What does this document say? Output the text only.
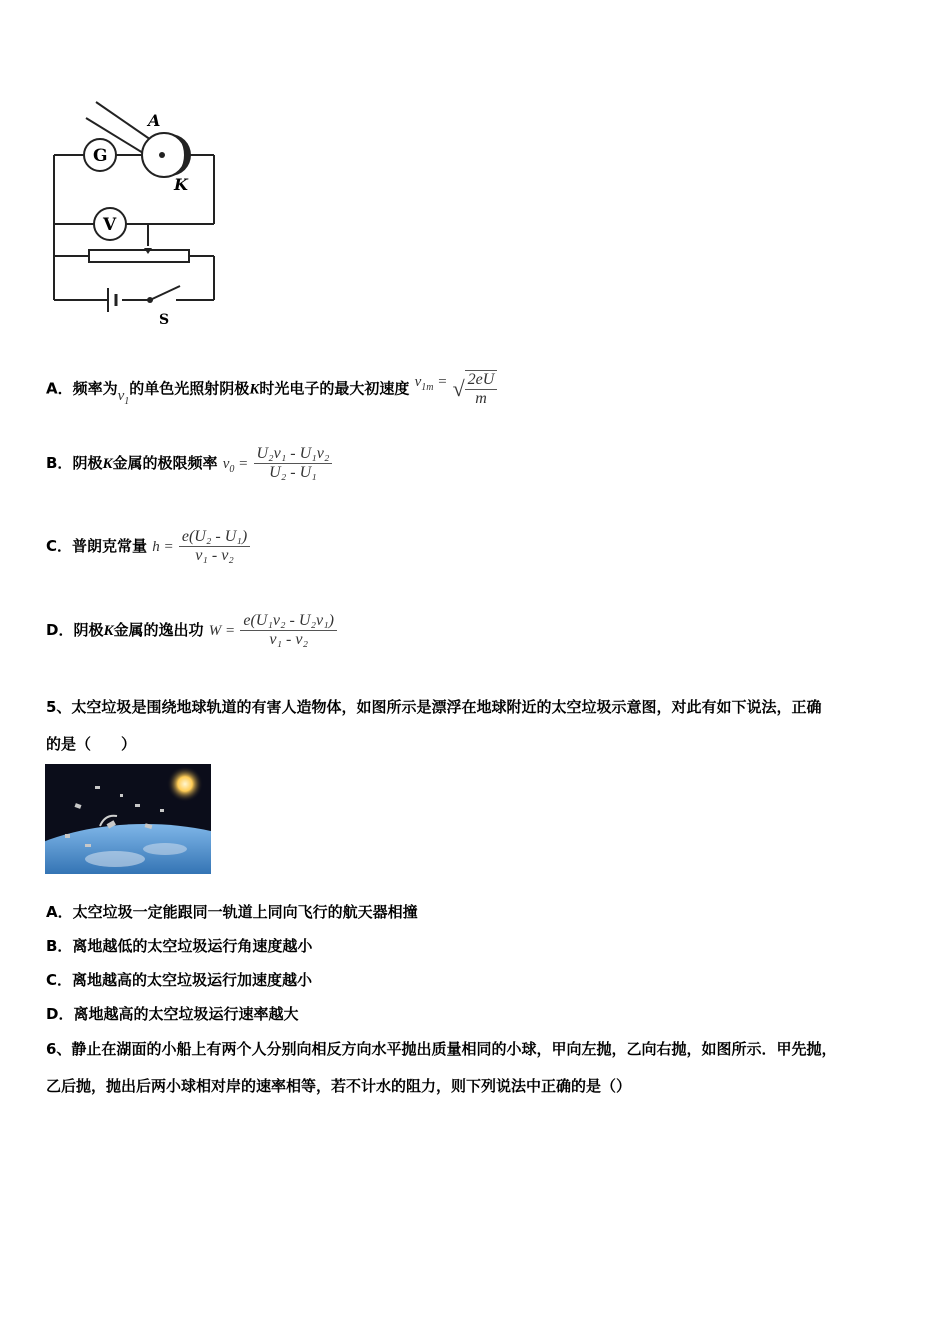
G
V
A
K
S
A．频率为$\nu_1$的单色光照射阴极K时光电子的最大初速度 $v_{1m}$ = √ $\frac{2eU}{m}$
B．阴极K金属的极限频率 $\nu_0 = \frac{\text{U₂ν₁ - U₁ν₂}}{\text{U₂ - U₁}}$
C．普朗克常量 $h = \frac{\text{e(U₂ - U₁)}}{\text{ν₁ - ν₂}}$
D．阴极K金属的逸出功 $W = \frac{\text{e(U₁ν₂ - U₂ν₁)}}{\text{ν₁ - ν₂}}$
5、太空垃圾是围绕地球轨道的有害人造物体，如图所示是漂浮在地球附近的太空垃圾示意图，对此有如下说法，正确
的是（　　）
A．太空垃圾一定能跟同一轨道上同向飞行的航天器相撞
B．离地越低的太空垃圾运行角速度越小
C．离地越高的太空垃圾运行加速度越小
D．离地越高的太空垃圾运行速率越大
6、静止在湖面的小船上有两个人分别向相反方向水平抛出质量相同的小球，甲向左抛，乙向右抛，如图所示．甲先抛，
乙后抛，抛出后两小球相对岸的速率相等，若不计水的阻力，则下列说法中正确的是（）
